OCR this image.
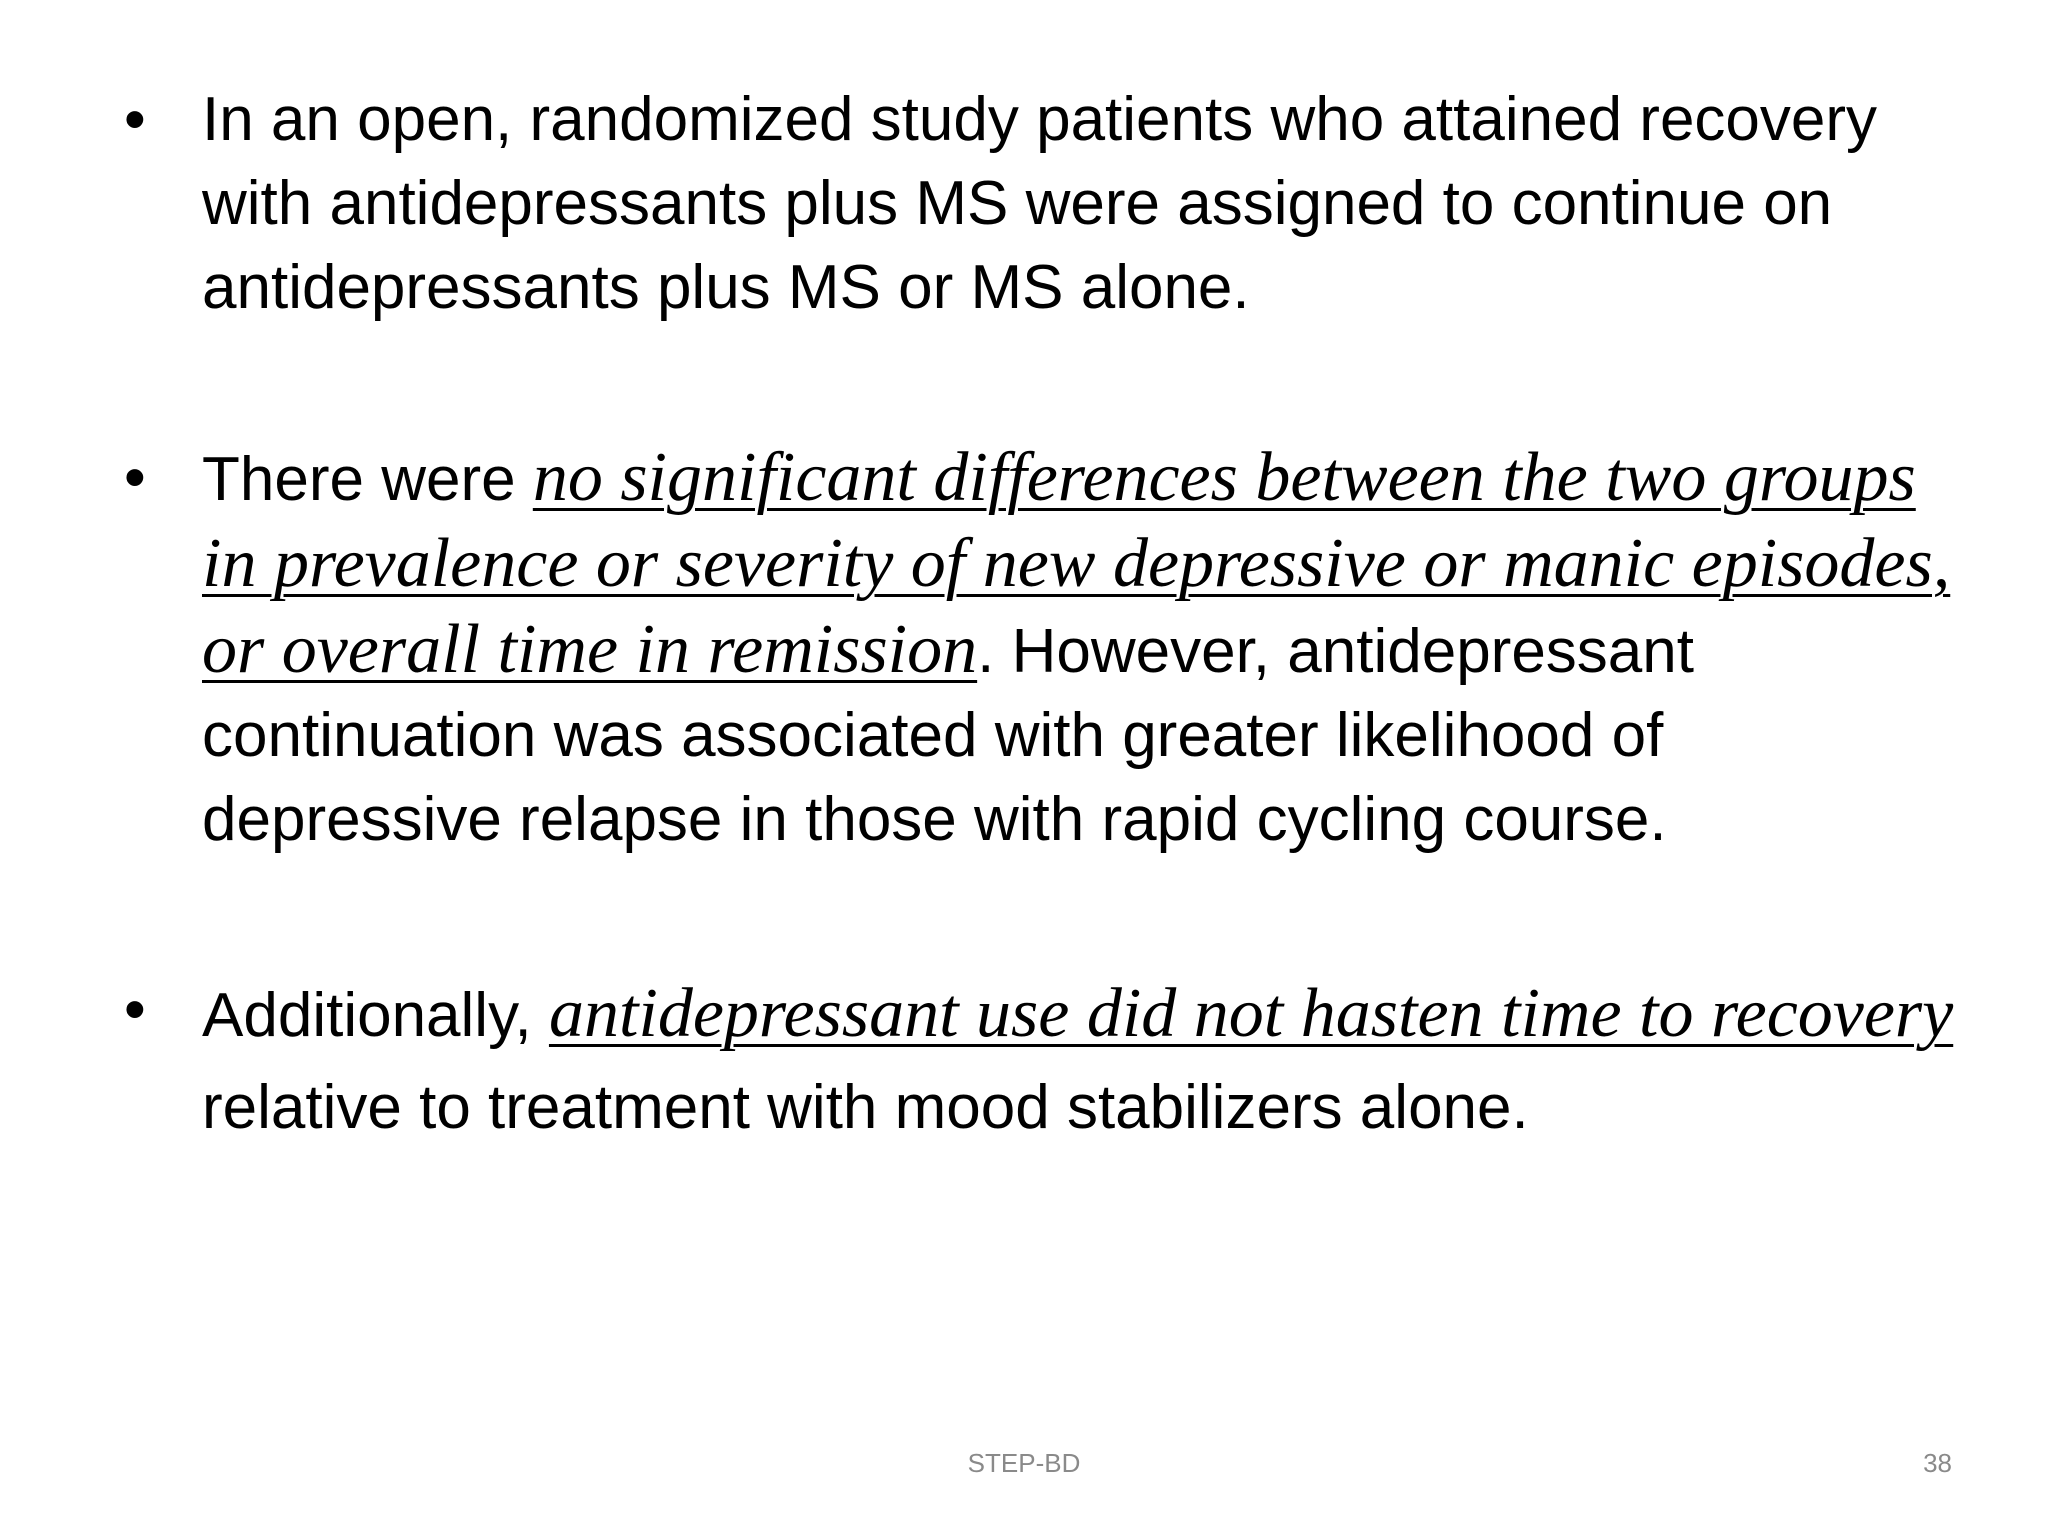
• In an open, randomized study patients who attained recovery with antidepressants plus MS were assigned to continue on antidepressants plus MS or MS alone.
• There were no significant differences between the two groups in prevalence or severity of new depressive or manic episodes, or overall time in remission. However, antidepressant continuation was associated with greater likelihood of depressive relapse in those with rapid cycling course.
• Additionally, antidepressant use did not hasten time to recovery relative to treatment with mood stabilizers alone.
STEP-BD	38
